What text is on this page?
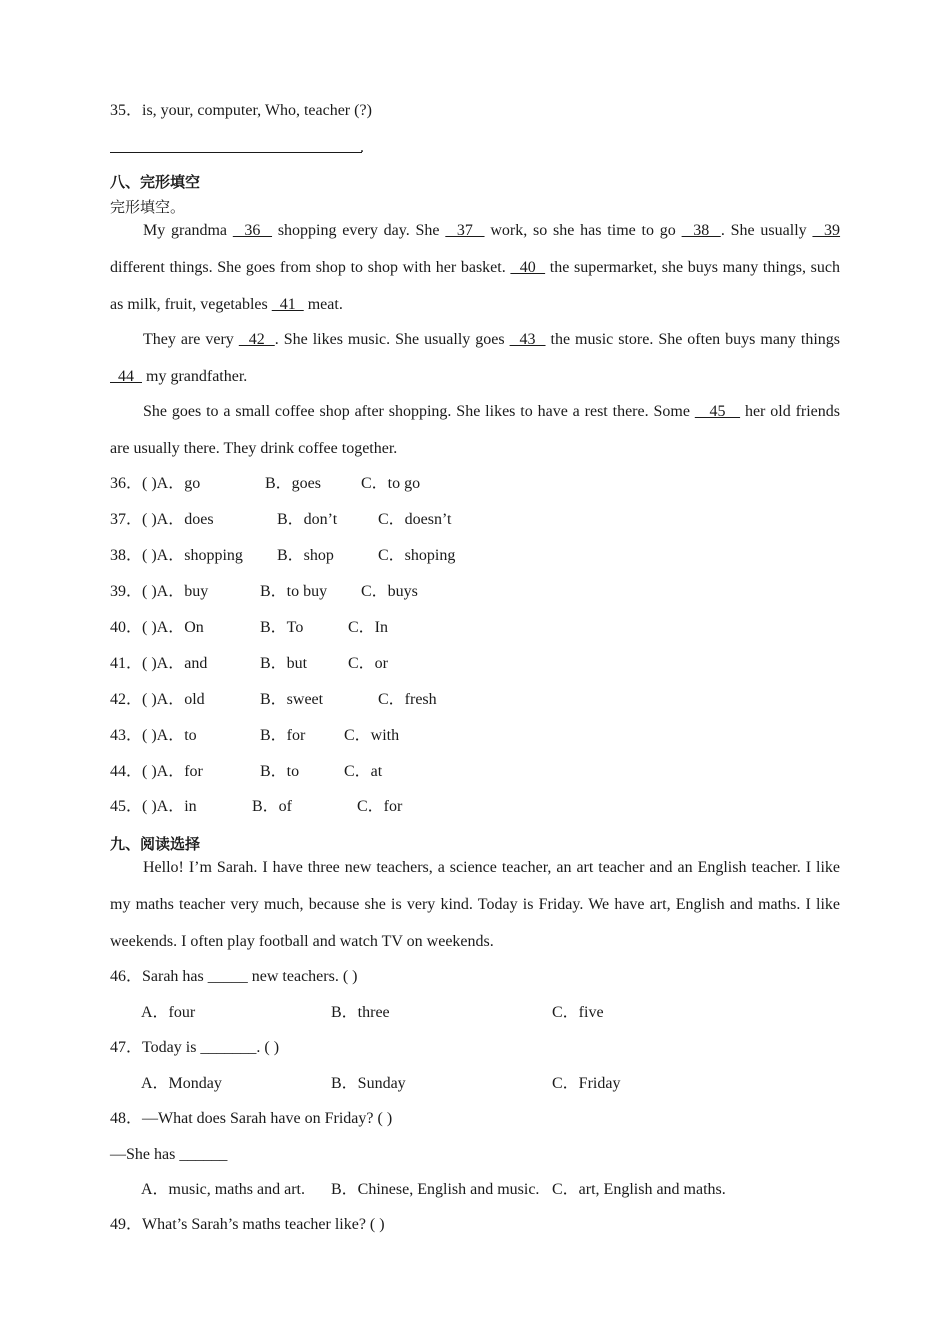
35．is, your, computer, Who, teacher (?)
.
八、完形填空
完形填空。
My grandma   36   shopping every day. She   37   work, so she has time to go   38  . She usually   39 different things. She goes from shop to shop with her basket.   40   the supermarket, she buys many things, such as milk, fruit, vegetables   41   meat.
They are very   42  . She likes music. She usually goes   43   the music store. She often buys many things   44   my grandfather.
She goes to a small coffee shop after shopping. She likes to have a rest there. Some    45    her old friends are usually there. They drink coffee together.
36．( )A．go	B．goes C．to go
37．( )A．does	B．don’t	C．doesn’t
38．( )A．shopping B．shop	C．shoping
39．( )A．buy	B．to buy C．buys
40．( )A．On	B．To	C．In
41．( )A．and	B．but	C．or
42．( )A．old	B．sweet	C．fresh
43．( )A．to	B．for C．with
44．( )A．for	B．to	C．at
45．( )A．in	B．of	C．for
九、阅读选择
Hello! I’m Sarah. I have three new teachers, a science teacher, an art teacher and an English teacher. I like my maths teacher very much, because she is very kind. Today is Friday. We have art, English and maths. I like weekends. I often play football and watch TV on weekends.
46．Sarah has _____ new teachers. ( )
A．four	B．three	C．five
47．Today is _______. ( )
A．Monday	B．Sunday	C．Friday
48．—What does Sarah have on Friday? ( )
—She has ______
A．music, maths and art. B．Chinese, English and music. C．art, English and maths.
49．What’s Sarah’s maths teacher like? ( )
